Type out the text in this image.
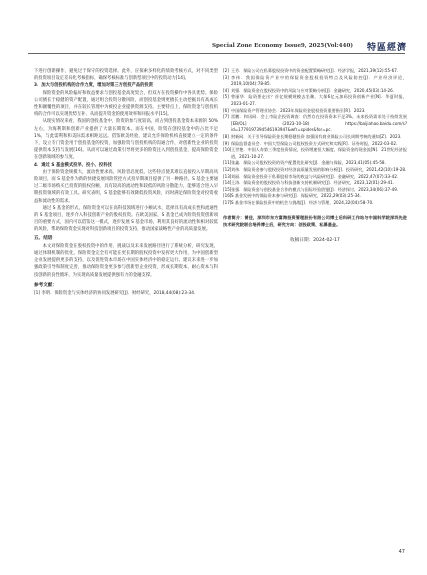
Special Zone Economy Issue9, 2025(Vol:440) 特區經濟

下进行创新操作，避免过于保守的投资选择。此外，应探索多样化的绩效考核方式，对不同类型的投资项目设定差异化考核指标，确保考核标准与创新型项目中的投资动力[14]。

3．加大与创投机构的合作力度，增加对第三方创投产品的投资

保险资金的风险偏好和收益要求与创投基金高度契合，但双方在投资操作中各具优势。保险公司擅长于稳健的资产配置，通过组合投资分散风险，而创投基金则更擅长主动挖掘具有高成长性和颠覆性的项目，并在较长管理中为被投企业提供资源支持。主要特点上，保险资金与创投机构的合作可以实现优势互补，从而提升资金的使用效率和回报水平[15]。

从现实情况来看，我国的创投基金中，险资的参与度较高，而占到创投基金资本来源的 50% 左右，为海利斯和创新产业提供了大量长期资本。而在中国，险资在创投基金中的占比不足 1%，与此需利和和美际需求相距远远。借鉴欧美经验，建议允许保险机构直接建立一定的条件下，设立专门资金用于创投基金的投资，加强险资与创投机构的沟通合作，对创新性企业的投资提供资本支持与发展[16]。从而可以通过政策引导将更多的险资注入到创投基金，提高保险资金在创新领域的参与度。

4．通过 S 基金模式投早、投小、投科技

由于保险资金规模大，流动性要求高，风险容忍度低，这些特点使其难以直接投入早期高风险项目，而 S 基金作为新的快捷发展风险管控方式投早期项目提供了另一种路径。S 基金主要通过二级市场购买已投资的股权份额，具有较高的流动性和较低的风险分散能力，能够适合进入早期投资领域的有效工具。研究表明，S 基金能够有效降低投资风险，同时满足保险资金对投资收益和流动性的需求。

通过 S 基金的形式，保险资金可以在高科技领域进行小额试水，选择具有高成长性和流通性的 S 基金项目，逐步介入科技创新产业的股权投资。在欧美国家，S 基金已成为险资投资创新项目的重要方式，国内可以借鉴这一模式，逐步发展 S 基金市场，利用其良好的流动性和相对较低的风险，帮助保险资金实现对科技创新项目的投资支持，推动国家战略性产业的高质量发展。

五、结语

本文对保险资金在股权投资中的作用、挑战以及未来发展路径进行了系统分析，研究发现，通过体制机制的优化，保险资金完全有可能在更长期的股权投资中发挥更大作用，为中国创新型企业发展提供更多的支持，以及促进资本市场在中国实体经济中的稳定运行。建议未来进一步加强政策引导和制度完善，推动保险资金更多参与创新型企业投资，形成长期资本、耐心资本与科技创新的良性循环，为实现高质量发展提供强有力的金融支撑。

参考文献：

[1] 李明．保险资金与实体经济的协同发展研究[J]．财经研究，2018,44(08):23-34.

[2] 王芳．保险公司在私募股权投资中的资金配置策略研究[J]．经济学报，2021,39(12):55-67.

[3] 李伟．我国保险资产业中的保险资金股权投资特点及风险防控[J]．产业经济评论，2019,10(04):78-85.

[4] 刘强．保险资金在股权投资中的风险与应对策略分析[J]．金融研究，2020,45(03):14-26.

[5] 曾丽华．险资要走出？首亿规模规模去坐骤，大保6亿元加码投资创新产业[N]．华夏时报，2023-01-27.

[6] 中国保险资产管理业协会．2023年保险资金股权投资重要指引[R]．2023.

[7] 雷鹏．和讯网．会上市险企投资调查：仍然存在投资资本不足3%。未来投资需求处于持续发展[EB/OL]．(2023-10-18)．https://baijiahao.baidu.com/s?id=1779197394546193947&wfr=spider&for=pc.

[8] 财新网．关于引导保险资金长期稳健投资 加强国有商业保险公司长周期考核的通知[Z]．2023.

[9] 保险监督委员会．中国大型保险公司股权投资方式研究和实践[R]．证券时报，2022-03-02.

[10] 王世艳．中国人寿第三季度投资情况，投资增速恒大幅度，保险资金的现金流[N]．21世纪经济报道，2021-10-27.

[11] 张鑫．保险公司股权投资的资产配置优化研究[J]．金融与保险，2023,41(05):45-58.

[12] 刘伟．保险资金参与股权投资对经济高质量发展的影响分析[J]．投资研究，2021,42(10):19-28.

[13] 刘丽．保险资金投资于私募股权市场的收益与风险研究[J]．金融研究，2022,47(07):33-42.

[14] 王涛．保险资金的股权投资与科技创新支持机制研究[J]．经济研究，2023,12(01):29-41.

[15] 张强．保险资金与创投基金合作的模式与国际经验借鉴[J]．经济探讨，2023,34(06):37-49.

[16] S 基金发展中的保险资本参与研究[J]．保险研究，2022,29(03):25-34.

[17] S 基金市场在保险投资中的机会与挑战[J]．经济与管理，2024,32(04):58-70.

作者简介：曾佳，深圳市东方富海投资管理股份有限公司博士后科研工作站与中国科学院深圳先进技术研究院联合培养博士后，研究方向：创投政策、私募基金。
收稿日期：2024-02-17
47
